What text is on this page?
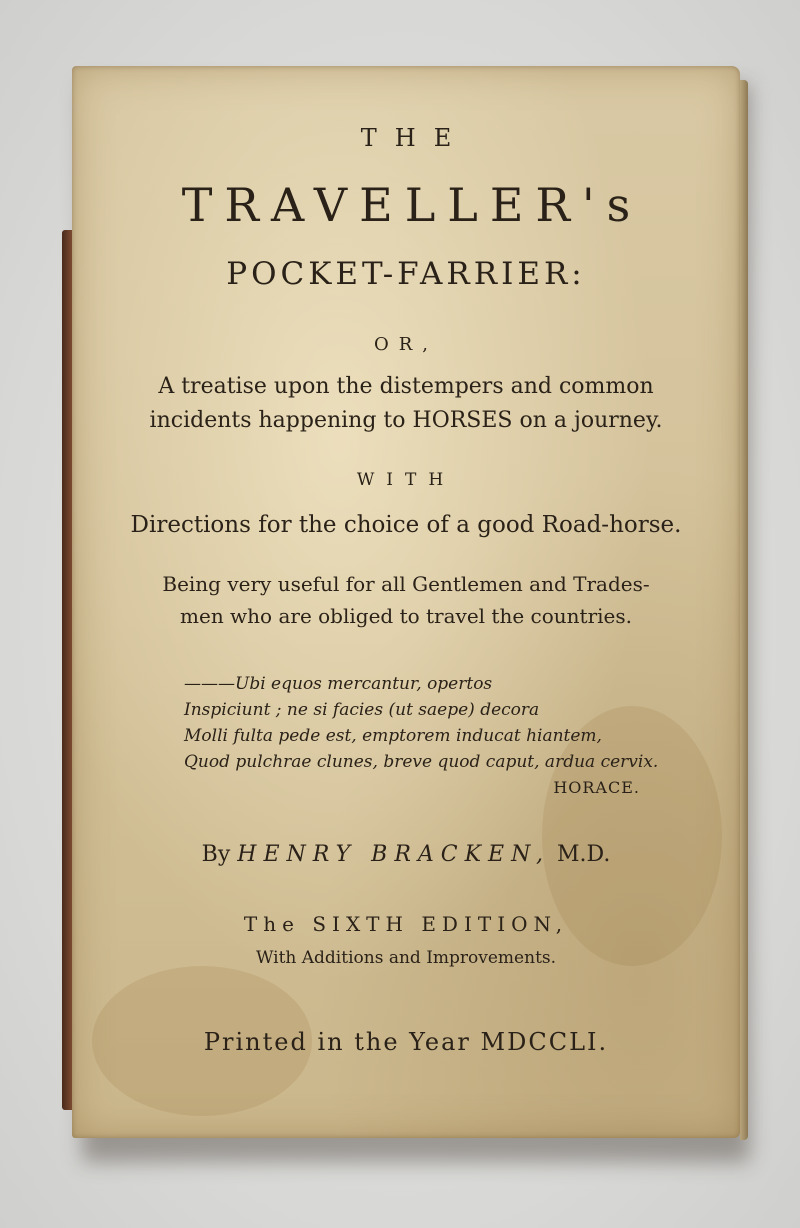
THE
TRAVELLER's
POCKET-FARRIER:
OR,
A treatise upon the distempers and common
incidents happening to HORSES on a journey.
WITH
Directions for the choice of a good Road-horse.
Being very useful for all Gentlemen and Trades-
men who are obliged to travel the countries.
———Ubi equos mercantur, opertos
Inspiciunt ; ne si facies (ut saepe) decora
Molli fulta pede est, emptorem inducat hiantem,
Quod pulchrae clunes, breve quod caput, ardua cervix.
HORACE.
By HENRY BRACKEN, M.D.
The SIXTH EDITION,
With Additions and Improvements.
Printed in the Year MDCCLI.
